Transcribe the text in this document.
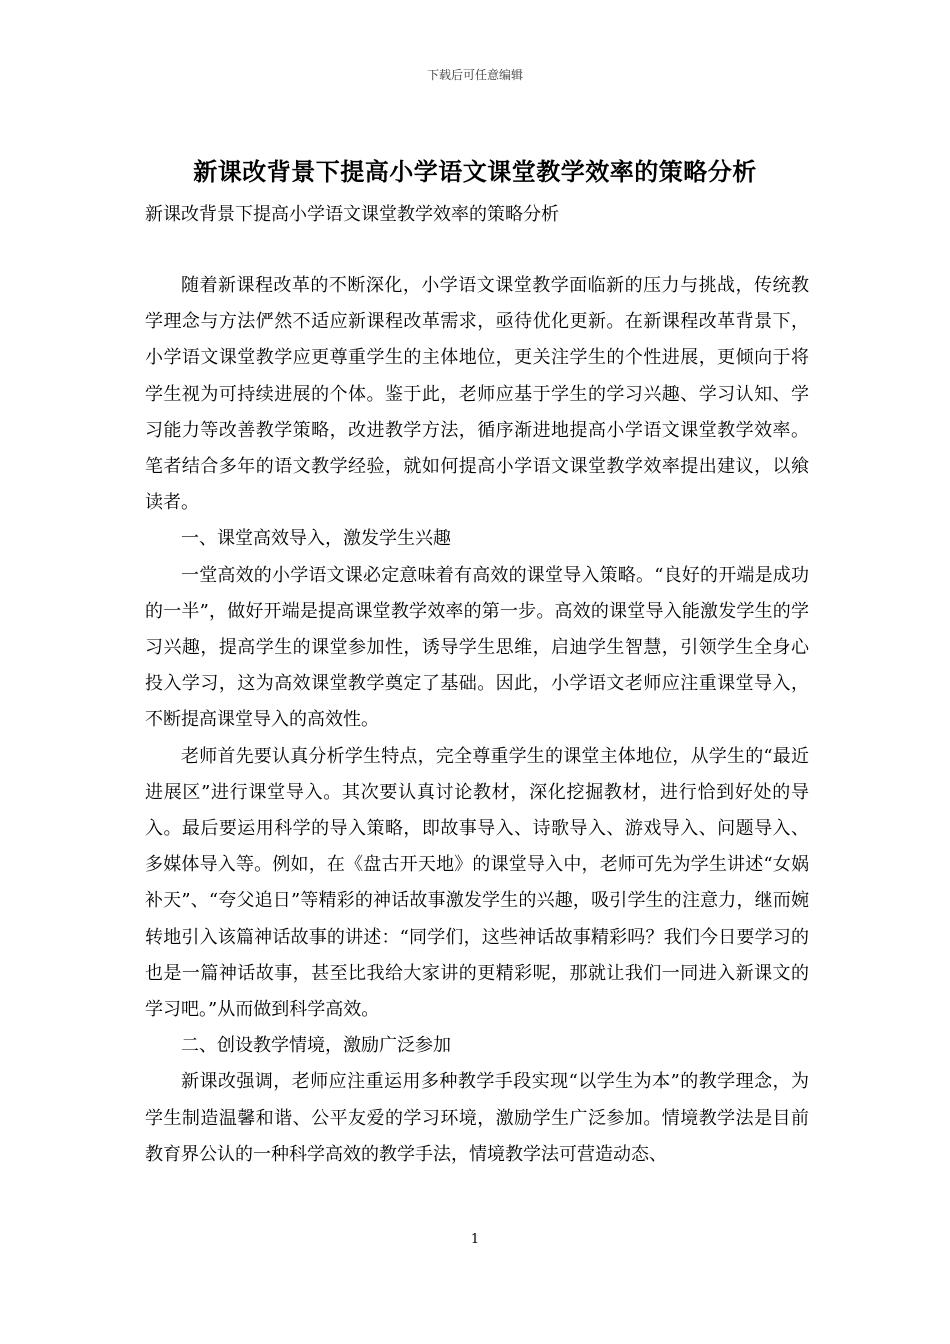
下载后可任意编辑
新课改背景下提高小学语文课堂教学效率的策略分析
新课改背景下提高小学语文课堂教学效率的策略分析

随着新课程改革的不断深化，小学语文课堂教学面临新的压力与挑战，传统教学理念与方法俨然不适应新课程改革需求，亟待优化更新。在新课程改革背景下，小学语文课堂教学应更尊重学生的主体地位，更关注学生的个性进展，更倾向于将学生视为可持续进展的个体。鉴于此，老师应基于学生的学习兴趣、学习认知、学习能力等改善教学策略，改进教学方法，循序渐进地提高小学语文课堂教学效率。笔者结合多年的语文教学经验，就如何提高小学语文课堂教学效率提出建议，以飨读者。

一、课堂高效导入，激发学生兴趣

一堂高效的小学语文课必定意味着有高效的课堂导入策略。“良好的开端是成功的一半”，做好开端是提高课堂教学效率的第一步。高效的课堂导入能激发学生的学习兴趣，提高学生的课堂参加性，诱导学生思维，启迪学生智慧，引领学生全身心投入学习，这为高效课堂教学奠定了基础。因此，小学语文老师应注重课堂导入，不断提高课堂导入的高效性。

老师首先要认真分析学生特点，完全尊重学生的课堂主体地位，从学生的“最近进展区”进行课堂导入。其次要认真讨论教材，深化挖掘教材，进行恰到好处的导入。最后要运用科学的导入策略，即故事导入、诗歌导入、游戏导入、问题导入、多媒体导入等。例如，在《盘古开天地》的课堂导入中，老师可先为学生讲述“女娲补天”、“夸父追日”等精彩的神话故事激发学生的兴趣，吸引学生的注意力，继而婉转地引入该篇神话故事的讲述：“同学们，这些神话故事精彩吗？我们今日要学习的也是一篇神话故事，甚至比我给大家讲的更精彩呢，那就让我们一同进入新课文的学习吧。”从而做到科学高效。

二、创设教学情境，激励广泛参加

新课改强调，老师应注重运用多种教学手段实现“以学生为本”的教学理念，为学生制造温馨和谐、公平友爱的学习环境，激励学生广泛参加。情境教学法是目前教育界公认的一种科学高效的教学手法，情境教学法可营造动态、

1
